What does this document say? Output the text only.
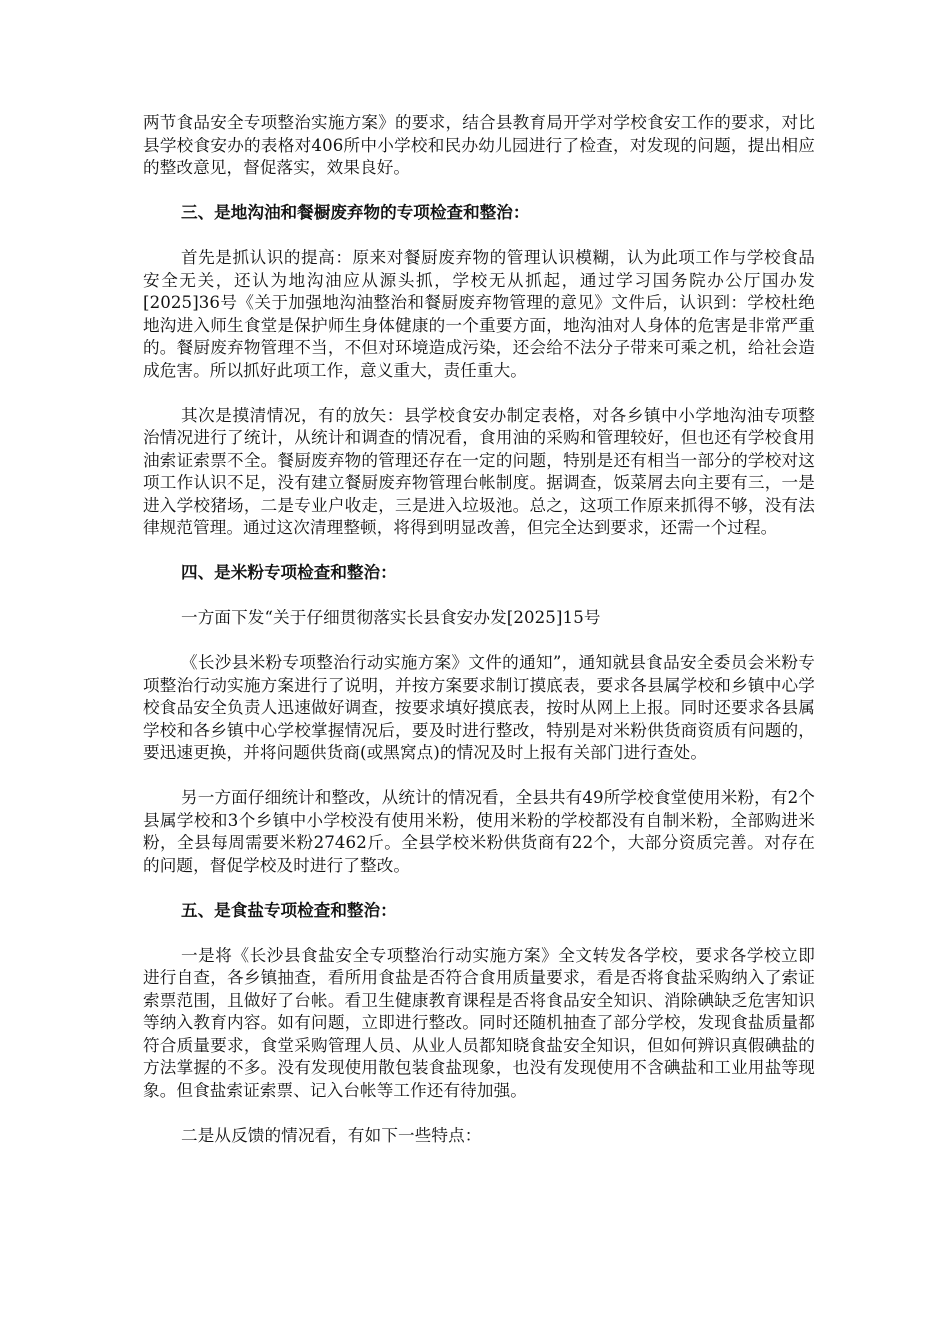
两节食品安全专项整治实施方案》的要求，结合县教育局开学对学校食安工作的要求，对比县学校食安办的表格对406所中小学校和民办幼儿园进行了检查，对发现的问题，提出相应的整改意见，督促落实，效果良好。

三、是地沟油和餐橱废弃物的专项检查和整治：

首先是抓认识的提高：原来对餐厨废弃物的管理认识模糊，认为此项工作与学校食品安全无关，还认为地沟油应从源头抓，学校无从抓起，通过学习国务院办公厅国办发[2025]36号《关于加强地沟油整治和餐厨废弃物管理的意见》文件后，认识到：学校杜绝地沟进入师生食堂是保护师生身体健康的一个重要方面，地沟油对人身体的危害是非常严重的。餐厨废弃物管理不当，不但对环境造成污染，还会给不法分子带来可乘之机，给社会造成危害。所以抓好此项工作，意义重大，责任重大。

其次是摸清情况，有的放矢：县学校食安办制定表格，对各乡镇中小学地沟油专项整治情况进行了统计，从统计和调查的情况看，食用油的采购和管理较好，但也还有学校食用油索证索票不全。餐厨废弃物的管理还存在一定的问题，特别是还有相当一部分的学校对这项工作认识不足，没有建立餐厨废弃物管理台帐制度。据调查，饭菜屑去向主要有三，一是进入学校猪场，二是专业户收走，三是进入垃圾池。总之，这项工作原来抓得不够，没有法律规范管理。通过这次清理整顿，将得到明显改善，但完全达到要求，还需一个过程。

四、是米粉专项检查和整治：

一方面下发“关于仔细贯彻落实长县食安办发[2025]15号

《长沙县米粉专项整治行动实施方案》文件的通知”，通知就县食品安全委员会米粉专项整治行动实施方案进行了说明，并按方案要求制订摸底表，要求各县属学校和乡镇中心学校食品安全负责人迅速做好调查，按要求填好摸底表，按时从网上上报。同时还要求各县属学校和各乡镇中心学校掌握情况后，要及时进行整改，特别是对米粉供货商资质有问题的，要迅速更换，并将问题供货商(或黑窝点)的情况及时上报有关部门进行查处。

另一方面仔细统计和整改，从统计的情况看，全县共有49所学校食堂使用米粉，有2个县属学校和3个乡镇中小学校没有使用米粉，使用米粉的学校都没有自制米粉，全部购进米粉，全县每周需要米粉27462斤。全县学校米粉供货商有22个，大部分资质完善。对存在的问题，督促学校及时进行了整改。

五、是食盐专项检查和整治：

一是将《长沙县食盐安全专项整治行动实施方案》全文转发各学校，要求各学校立即进行自查，各乡镇抽查，看所用食盐是否符合食用质量要求，看是否将食盐采购纳入了索证索票范围，且做好了台帐。看卫生健康教育课程是否将食品安全知识、消除碘缺乏危害知识等纳入教育内容。如有问题，立即进行整改。同时还随机抽查了部分学校，发现食盐质量都符合质量要求，食堂采购管理人员、从业人员都知晓食盐安全知识，但如何辨识真假碘盐的方法掌握的不多。没有发现使用散包装食盐现象，也没有发现使用不含碘盐和工业用盐等现象。但食盐索证索票、记入台帐等工作还有待加强。

二是从反馈的情况看，有如下一些特点：
